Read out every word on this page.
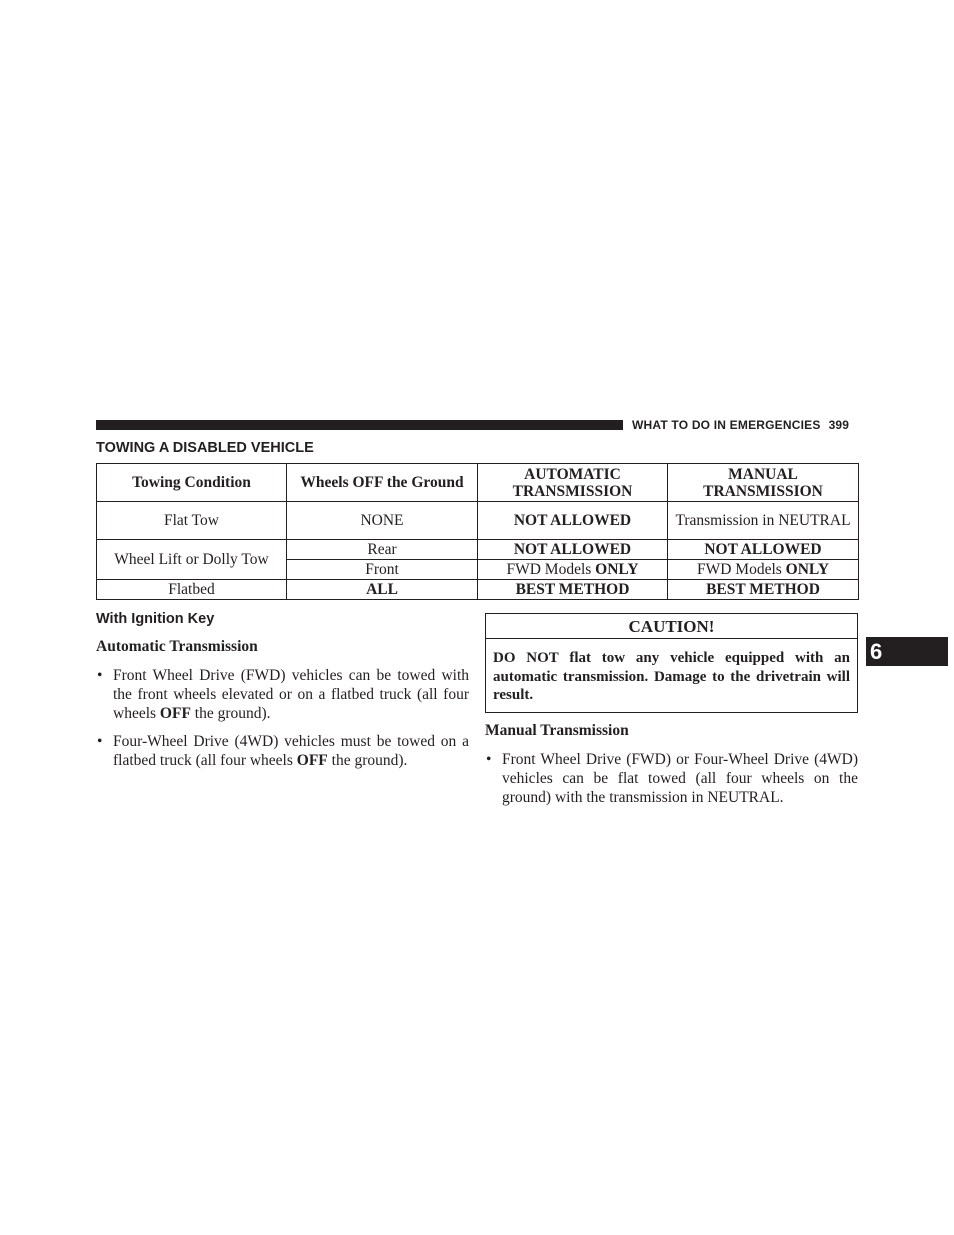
WHAT TO DO IN EMERGENCIES 399
TOWING A DISABLED VEHICLE
Towing Condition	Wheels OFF the Ground	AUTOMATIC TRANSMISSION	MANUAL TRANSMISSION
Flat Tow	NONE	NOT ALLOWED	Transmission in NEUTRAL
Wheel Lift or Dolly Tow	Rear	NOT ALLOWED	NOT ALLOWED
	Front	FWD Models ONLY	FWD Models ONLY
Flatbed	ALL	BEST METHOD	BEST METHOD
With Ignition Key
Automatic Transmission
• Front Wheel Drive (FWD) vehicles can be towed with the front wheels elevated or on a flatbed truck (all four wheels OFF the ground).
• Four-Wheel Drive (4WD) vehicles must be towed on a flatbed truck (all four wheels OFF the ground).
CAUTION!
DO NOT flat tow any vehicle equipped with an automatic transmission. Damage to the drivetrain will result.
Manual Transmission
• Front Wheel Drive (FWD) or Four-Wheel Drive (4WD) vehicles can be flat towed (all four wheels on the ground) with the transmission in NEUTRAL.
6
